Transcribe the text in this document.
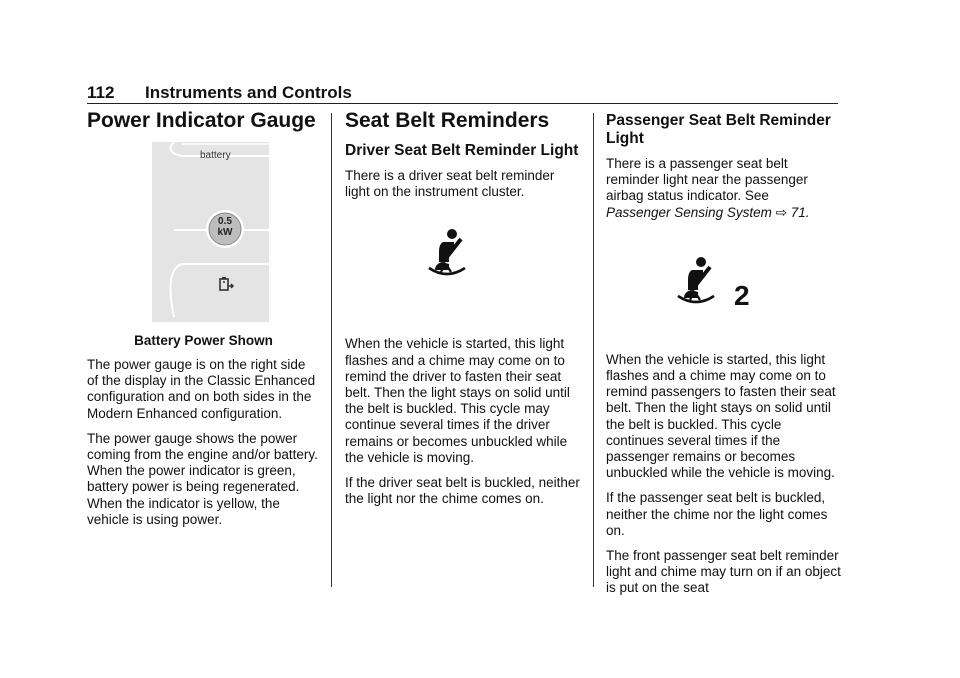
112 Instruments and Controls
Power Indicator Gauge
battery
0.5
kW
Battery Power Shown

The power gauge is on the right side of the display in the Classic Enhanced configuration and on both sides in the Modern Enhanced configuration.

The power gauge shows the power coming from the engine and/or battery. When the power indicator is green, battery power is being regenerated. When the indicator is yellow, the vehicle is using power.

Seat Belt Reminders
Driver Seat Belt Reminder Light

There is a driver seat belt reminder light on the instrument cluster.

When the vehicle is started, this light flashes and a chime may come on to remind the driver to fasten their seat belt. Then the light stays on solid until the belt is buckled. This cycle may continue several times if the driver remains or becomes unbuckled while the vehicle is moving.

If the driver seat belt is buckled, neither the light nor the chime comes on.

Passenger Seat Belt Reminder Light

There is a passenger seat belt reminder light near the passenger airbag status indicator. See
Passenger Sensing System ⇨ 71.

2

When the vehicle is started, this light flashes and a chime may come on to remind passengers to fasten their seat belt. Then the light stays on solid until the belt is buckled. This cycle continues several times if the passenger remains or becomes unbuckled while the vehicle is moving.

If the passenger seat belt is buckled, neither the chime nor the light comes on.

The front passenger seat belt reminder light and chime may turn on if an object is put on the seat
